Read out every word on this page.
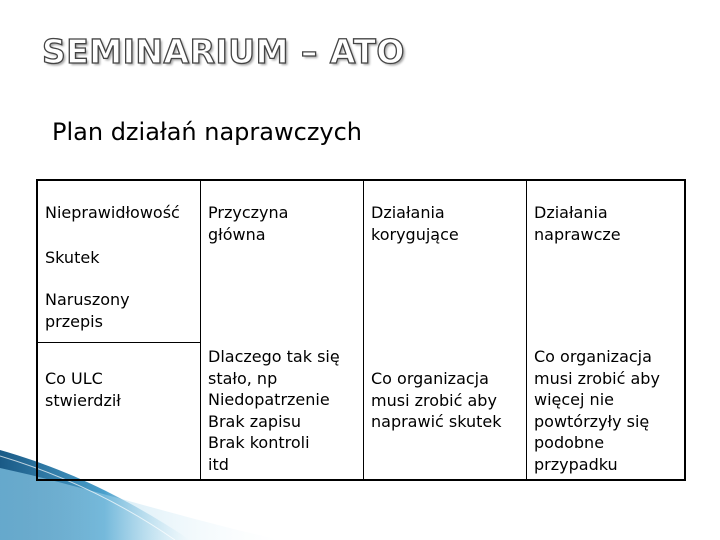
SEMINARIUM – ATO
Plan działań naprawczych
Nieprawidłowość
Skutek
Naruszony
przepis
Przyczyna
główna
Działania
korygujące
Działania
naprawcze
Co ULC
stwierdził
Dlaczego tak się
stało, np
Niedopatrzenie
Brak zapisu
Brak kontroli
itd
Co organizacja
musi zrobić aby
naprawić skutek
Co organizacja
musi zrobić aby
więcej nie
powtórzyły się
podobne
przypadku
